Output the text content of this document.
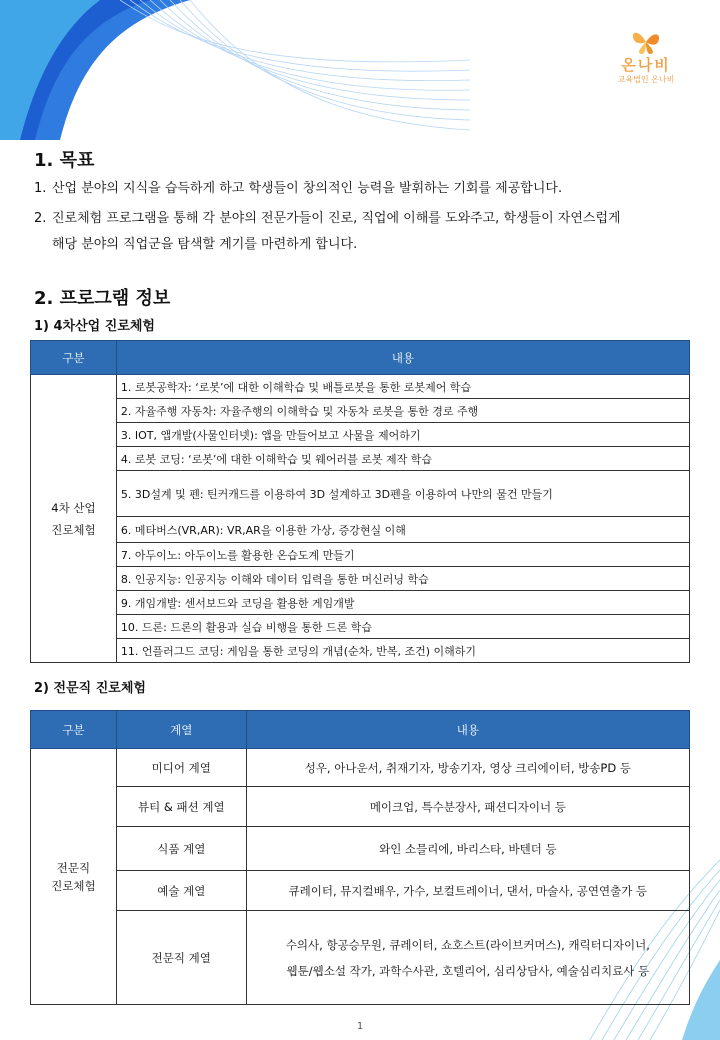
온나비
교육법인 온나비
1. 목표
1. 산업 분야의 지식을 습득하게 하고 학생들이 창의적인 능력을 발휘하는 기회를 제공합니다.
2. 진로체험 프로그램을 통해 각 분야의 전문가들이 진로, 직업에 이해를 도와주고, 학생들이 자연스럽게
해당 분야의 직업군을 탐색할 계기를 마련하게 합니다.
2. 프로그램 정보
1) 4차산업 진로체험
구분	내용

4차 산업
진로체험	1. 로봇공학자: ‘로봇’에 대한 이해학습 및 배틀로봇을 통한 로봇제어 학습
	2. 자율주행 자동차: 자율주행의 이해학습 및 자동차 로봇을 통한 경로 주행
	3. IOT, 앱개발(사물인터넷): 앱을 만들어보고 사물을 제어하기
	4. 로봇 코딩: ‘로봇’에 대한 이해학습 및 웨어러블 로봇 제작 학습
	5. 3D설계 및 펜: 틴커캐드를 이용하여 3D 설계하고 3D펜을 이용하여 나만의 물건 만들기
	6. 메타버스(VR,AR): VR,AR을 이용한 가상, 증강현실 이해
	7. 아두이노: 아두이노를 활용한 온습도계 만들기
	8. 인공지능: 인공지능 이해와 데이터 입력을 통한 머신러닝 학습
	9. 개임개발: 센서보드와 코딩을 활용한 게임개발
	10. 드론: 드론의 활용과 실습 비행을 통한 드론 학습
	11. 언플러그드 코딩: 게임을 통한 코딩의 개념(순차, 반복, 조건) 이해하기
2) 전문직 진로체험
구분	계열	내용

전문직
진로체험	미디어 계열	성우, 아나운서, 취재기자, 방송기자, 영상 크리에이터, 방송PD 등
	뷰티 & 패션 계열	메이크업, 특수분장사, 패션디자이너 등
	식품 계열	와인 소믈리에, 바리스타, 바텐더 등
	예술 계열	큐레이터, 뮤지컬배우, 가수, 보컬트레이너, 댄서, 마술사, 공연연출가 등
	전문직 계열	수의사, 항공승무원, 큐레이터, 쇼호스트(라이브커머스), 캐릭터디자이너,
웹툰/웹소설 작가, 과학수사관, 호텔리어, 심리상담사, 예술심리치료사 등
1
